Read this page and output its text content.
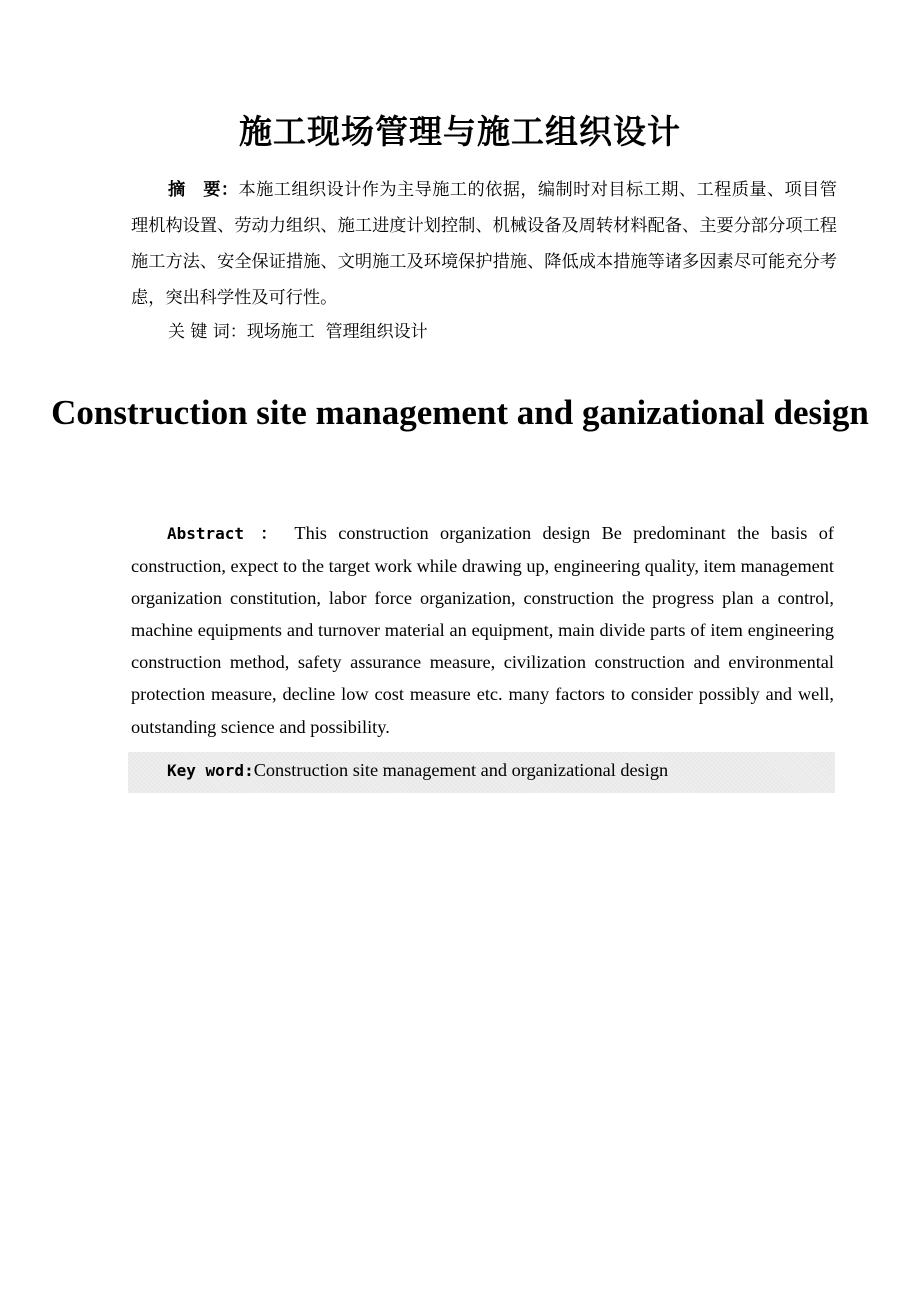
施工现场管理与施工组织设计

摘　要：本施工组织设计作为主导施工的依据，编制时对目标工期、工程质量、项目管理机构设置、劳动力组织、施工进度计划控制、机械设备及周转材料配备、主要分部分项工程施工方法、安全保证措施、文明施工及环境保护措施、降低成本措施等诸多因素尽可能充分考虑，突出科学性及可行性。

关 键 词：现场施工  管理组织设计

Construction site management and ganizational design

Abstract ： This construction organization design Be predominant the basis of construction, expect to the target work while drawing up, engineering quality, item management organization constitution, labor force organization, construction the progress plan a control, machine equipments and turnover material an equipment, main divide parts of item engineering construction method, safety assurance measure, civilization construction and environmental protection measure, decline low cost measure etc. many factors to consider possibly and well, outstanding science and possibility.

Key word:Construction site management and organizational design
